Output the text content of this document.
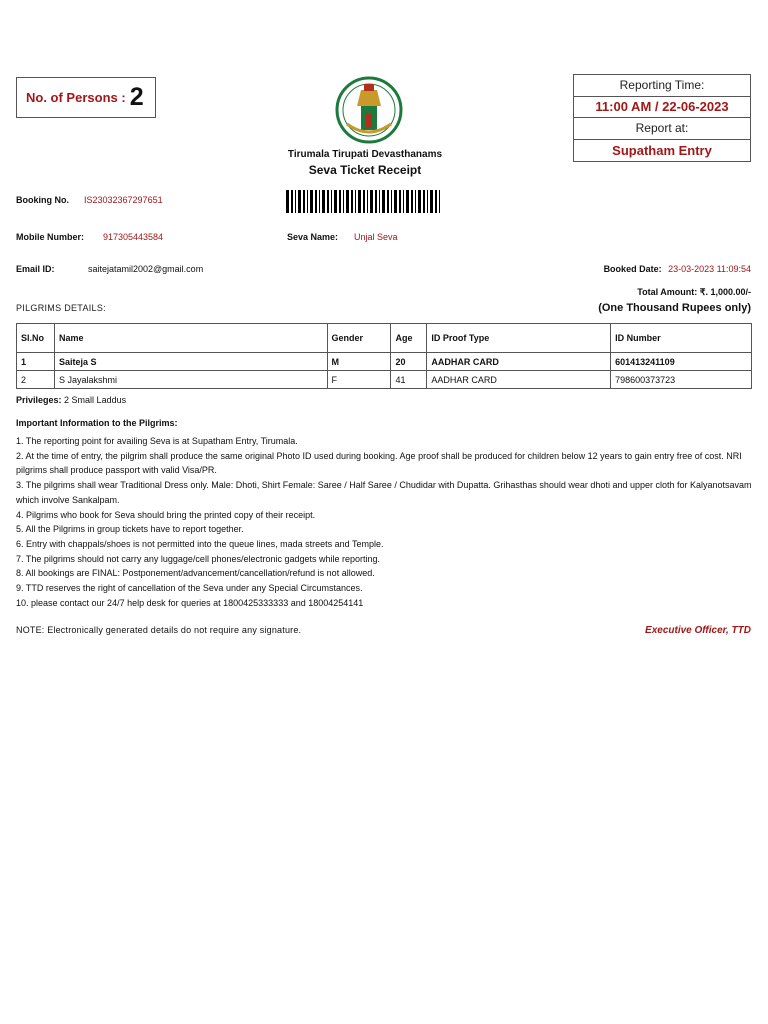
No. of Persons : 2	Reporting Time:
11:00 AM / 22-06-2023
Report at:
Supatham Entry
Tirumala Tirupati Devasthanams
Seva Ticket Receipt
Booking No. IS23032367297651
Mobile Number: 917305443584	Seva Name: Unjal Seva
Email ID:	saitejatamil2002@gmail.com	Booked Date: 23-03-2023 11:09:54
Total Amount: ₹. 1,000.00/-
(One Thousand Rupees only)
PILGRIMS DETAILS:
Sl.No	Name	Gender	Age	ID Proof Type	ID Number
1	Saiteja S	M	20	AADHAR CARD	601413241109
2	S Jayalakshmi	F	41	AADHAR CARD	798600373723
Privileges: 2 Small Laddus
Important Information to the Pilgrims:
1. The reporting point for availing Seva is at Supatham Entry, Tirumala.
2. At the time of entry, the pilgrim shall produce the same original Photo ID used during booking. Age proof shall be produced for children below 12 years to gain entry free of cost. NRI pilgrims shall produce passport with valid Visa/PR.
3. The pilgrims shall wear Traditional Dress only. Male: Dhoti, Shirt Female: Saree / Half Saree / Chudidar with Dupatta. Grihasthas should wear dhoti and upper cloth for Kalyanotsavam which involve Sankalpam.
4. Pilgrims who book for Seva should bring the printed copy of their receipt.
5. All the Pilgrims in group tickets have to report together.
6. Entry with chappals/shoes is not permitted into the queue lines, mada streets and Temple.
7. The pilgrims should not carry any luggage/cell phones/electronic gadgets while reporting.
8. All bookings are FINAL: Postponement/advancement/cancellation/refund is not allowed.
9. TTD reserves the right of cancellation of the Seva under any Special Circumstances.
10. please contact our 24/7 help desk for queries at 1800425333333 and 18004254141
NOTE: Electronically generated details do not require any signature.	Executive Officer, TTD
